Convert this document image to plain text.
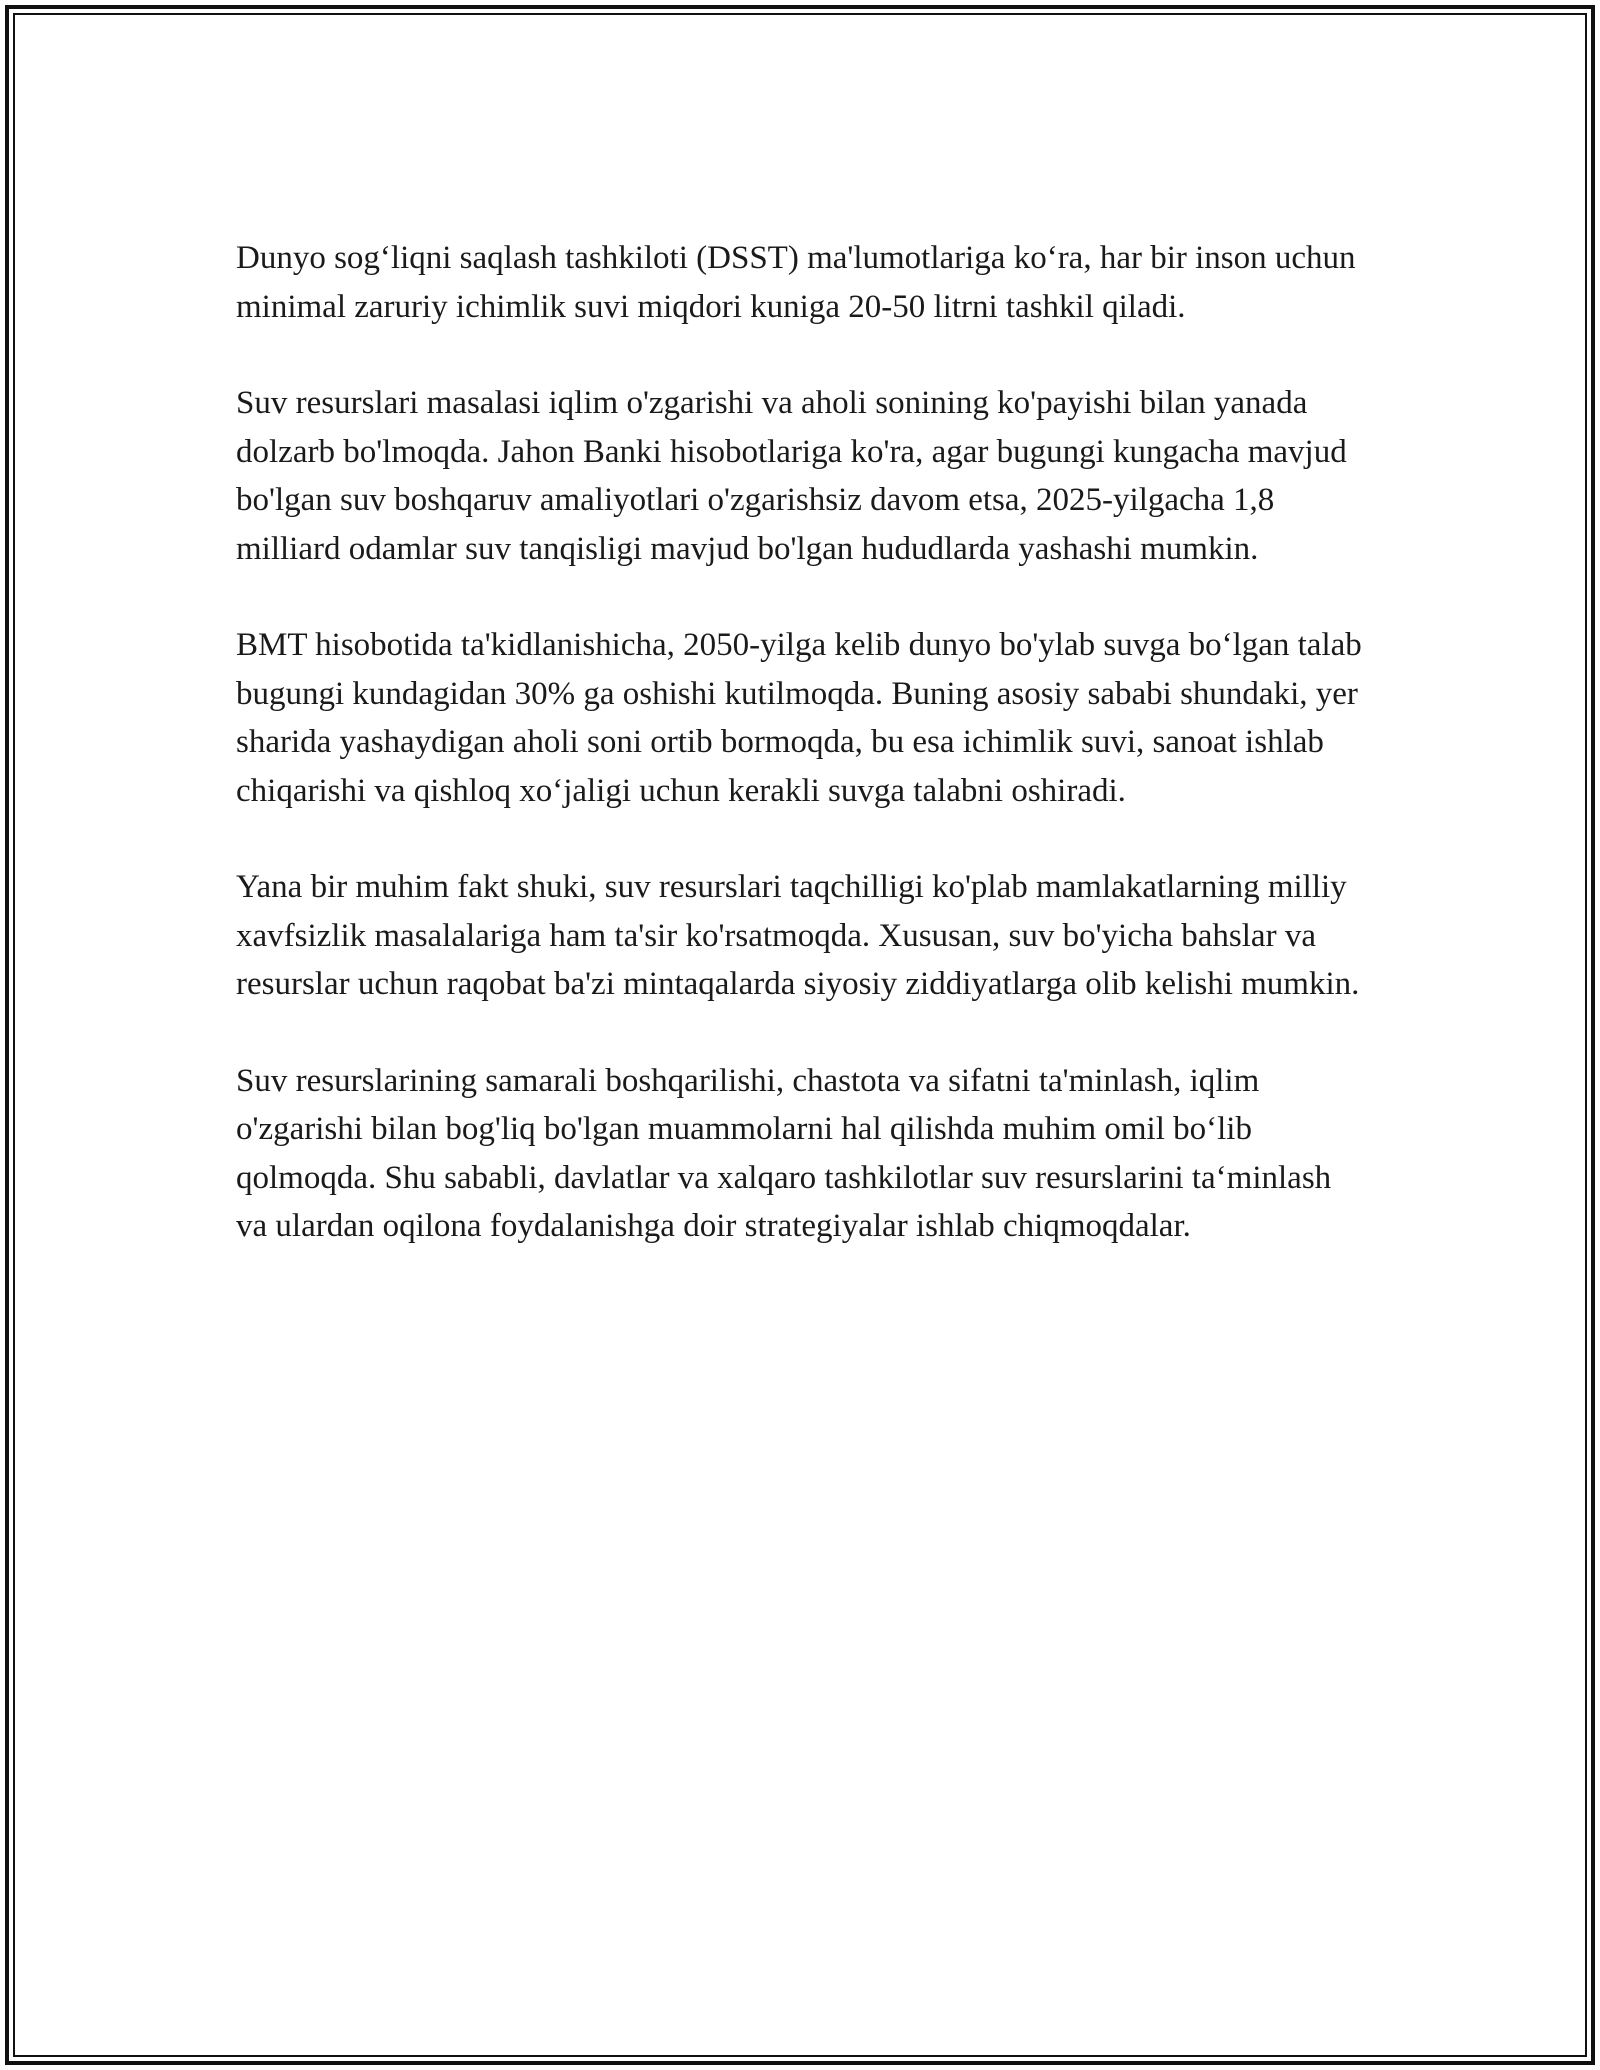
Dunyo sog‘liqni saqlash tashkiloti (DSST) ma'lumotlariga ko‘ra, har bir inson uchun minimal zaruriy ichimlik suvi miqdori kuniga 20-50 litrni tashkil qiladi.

Suv resurslari masalasi iqlim o'zgarishi va aholi sonining ko'payishi bilan yanada dolzarb bo'lmoqda. Jahon Banki hisobotlariga ko'ra, agar bugungi kungacha mavjud bo'lgan suv boshqaruv amaliyotlari o'zgarishsiz davom etsa, 2025-yilgacha 1,8 milliard odamlar suv tanqisligi mavjud bo'lgan hududlarda yashashi mumkin.

BMT hisobotida ta'kidlanishicha, 2050-yilga kelib dunyo bo'ylab suvga bo‘lgan talab bugungi kundagidan 30% ga oshishi kutilmoqda. Buning asosiy sababi shundaki, yer sharida yashaydigan aholi soni ortib bormoqda, bu esa ichimlik suvi, sanoat ishlab chiqarishi va qishloq xo‘jaligi uchun kerakli suvga talabni oshiradi.

Yana bir muhim fakt shuki, suv resurslari taqchilligi ko'plab mamlakatlarning milliy xavfsizlik masalalariga ham ta'sir ko'rsatmoqda. Xususan, suv bo'yicha bahslar va resurslar uchun raqobat ba'zi mintaqalarda siyosiy ziddiyatlarga olib kelishi mumkin.

Suv resurslarining samarali boshqarilishi, chastota va sifatni ta'minlash, iqlim o'zgarishi bilan bog'liq bo'lgan muammolarni hal qilishda muhim omil bo‘lib qolmoqda. Shu sababli, davlatlar va xalqaro tashkilotlar suv resurslarini ta‘minlash va ulardan oqilona foydalanishga doir strategiyalar ishlab chiqmoqdalar.
